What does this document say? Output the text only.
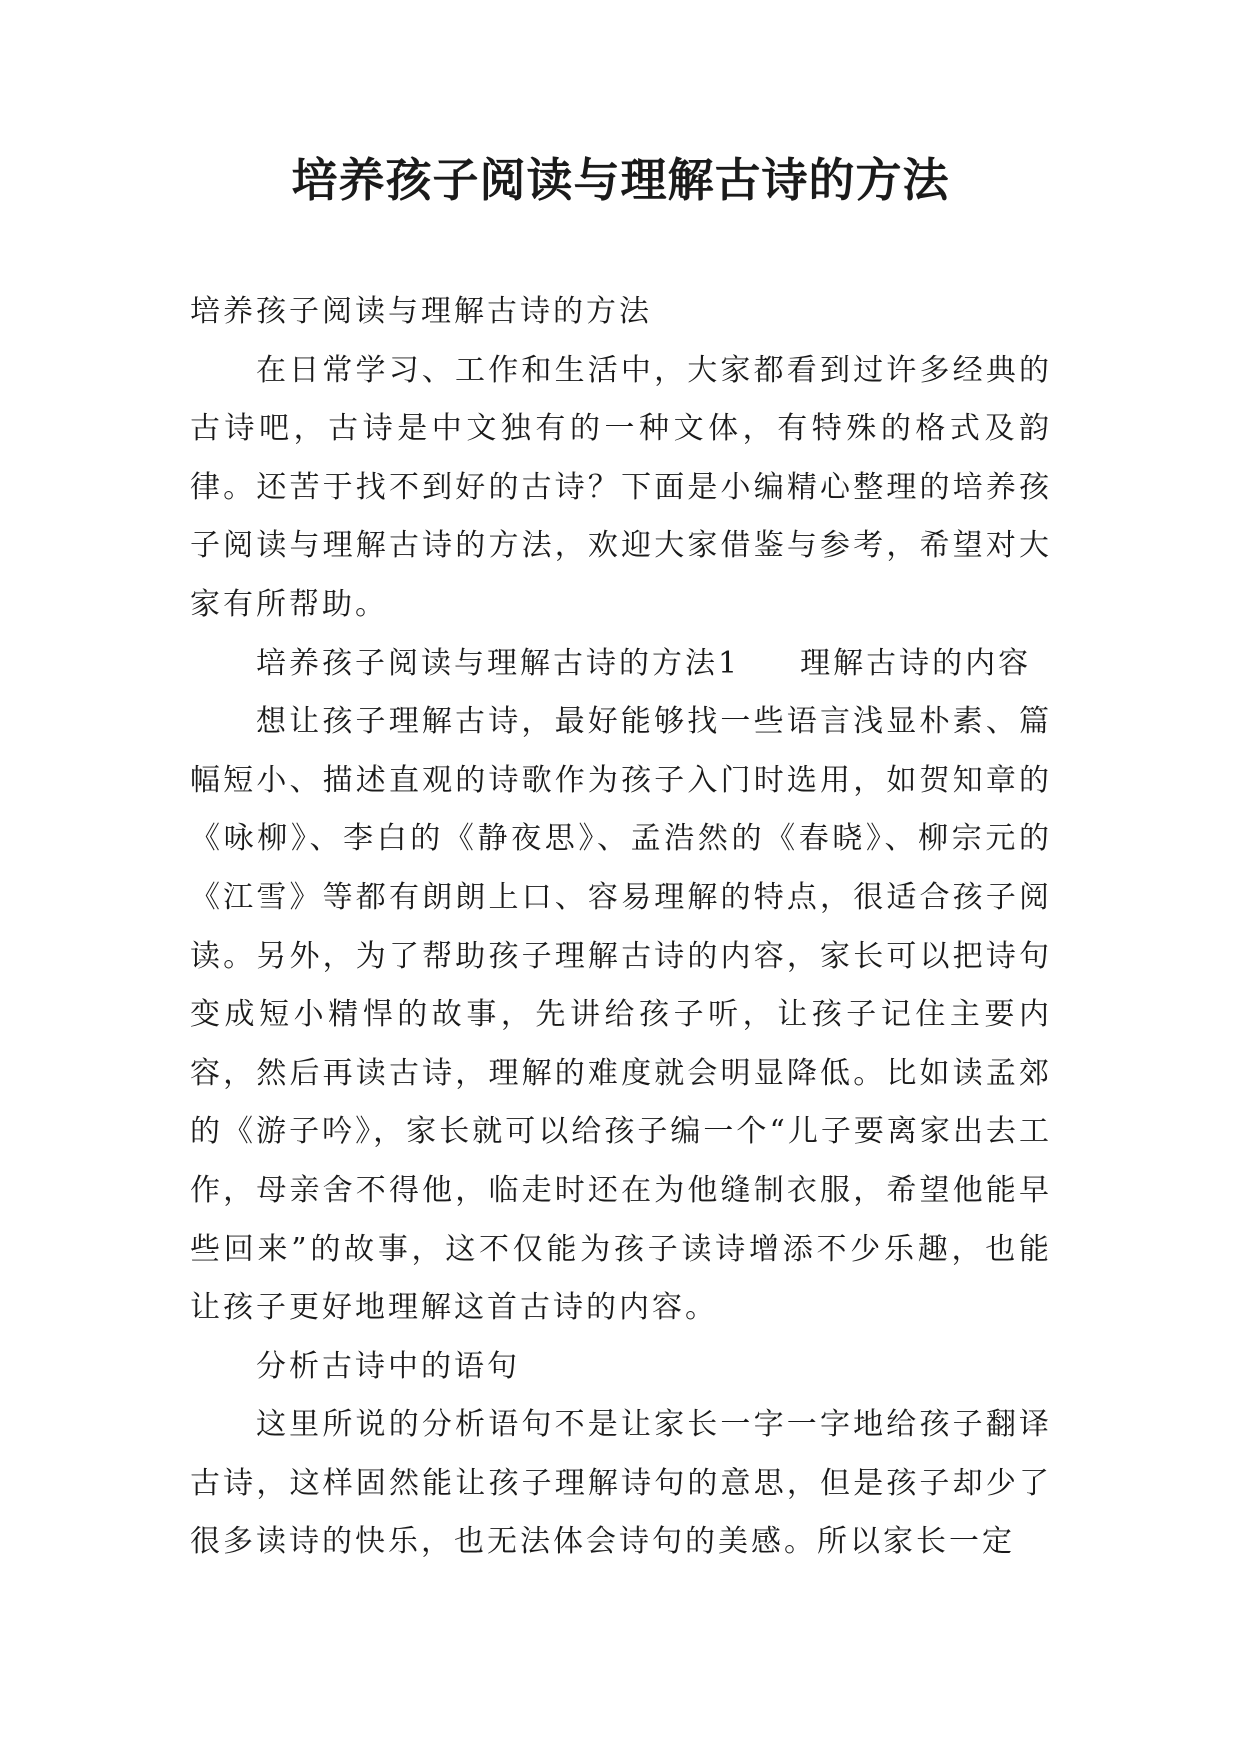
培养孩子阅读与理解古诗的方法

培养孩子阅读与理解古诗的方法

在日常学习、工作和生活中，大家都看到过许多经典的古诗吧，古诗是中文独有的一种文体，有特殊的格式及韵律。还苦于找不到好的古诗？下面是小编精心整理的培养孩子阅读与理解古诗的方法，欢迎大家借鉴与参考，希望对大家有所帮助。

培养孩子阅读与理解古诗的方法1 理解古诗的内容

想让孩子理解古诗，最好能够找一些语言浅显朴素、篇幅短小、描述直观的诗歌作为孩子入门时选用，如贺知章的《咏柳》、李白的《静夜思》、孟浩然的《春晓》、柳宗元的《江雪》等都有朗朗上口、容易理解的特点，很适合孩子阅读。另外，为了帮助孩子理解古诗的内容，家长可以把诗句变成短小精悍的故事，先讲给孩子听，让孩子记住主要内容，然后再读古诗，理解的难度就会明显降低。比如读孟郊的《游子吟》，家长就可以给孩子编一个“儿子要离家出去工作，母亲舍不得他，临走时还在为他缝制衣服，希望他能早些回来”的故事，这不仅能为孩子读诗增添不少乐趣，也能让孩子更好地理解这首古诗的内容。

分析古诗中的语句

这里所说的分析语句不是让家长一字一字地给孩子翻译古诗，这样固然能让孩子理解诗句的意思，但是孩子却少了很多读诗的快乐，也无法体会诗句的美感。所以家长一定
